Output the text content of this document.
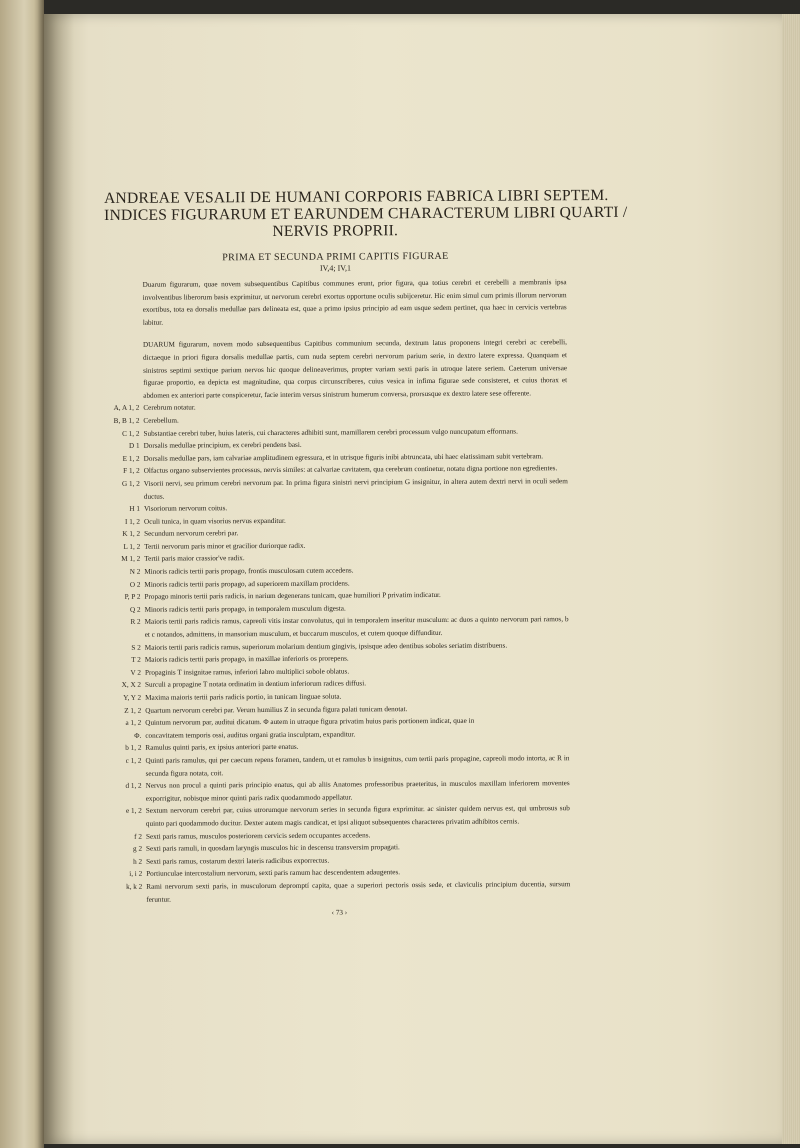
ANDREAE VESALII DE HUMANI CORPORIS FABRICA LIBRI SEPTEM.
INDICES FIGURARUM ET EARUNDEM CHARACTERUM LIBRI QUARTI /
NERVIS PROPRII.

PRIMA ET SECUNDA PRIMI CAPITIS FIGURAE

IV,4; IV,1

Duarum figurarum, quae novem subsequentibus Capitibus communes erunt, prior figura, qua totius cerebri et cerebelli a membranis ipsa involventibus liberorum basis exprimitur, ut nervorum cerebri exortus opportune oculis subijceretur. Hic enim simul cum primis illorum nervorum exortibus, tota ea dorsalis medullae pars delineata est, quae a primo ipsius principio ad eam usque sedem pertinet, qua haec in cervicis vertebras labitur.

DUARUM figurarum, novem modo subsequentibus Capitibus communium secunda, dextrum latus proponens integri cerebri ac cerebelli, dictaeque in priori figura dorsalis medullae partis, cum nuda septem cerebri nervorum parium serie, in dextro latere expressa. Quanquam et sinistros septimi sextique parium nervos hic quoque delineaverimus, propter variam sexti paris in utroque latere seriem. Caeterum universae figurae proportio, ea depicta est magnitudine, qua corpus circunscriberes, cuius vesica in infima figurae sede consisteret, et cuius thorax et abdomen ex anteriori parte conspiceretur, facie interim versus sinistrum humerum conversa, prorsusque ex dextro latere sese offerente.

A, A 1, 2 Cerebrum notatur.

B, B 1, 2 Cerebellum.

C 1, 2 Substantiae cerebri tuber, huius lateris, cui characteres adhibiti sunt, mamillarem cerebri processum vulgo nuncupatum efformans.

D 1 Dorsalis medullae principium, ex cerebri pendens basi.

E 1, 2 Dorsalis medullae pars, iam calvariae amplitudinem egressura, et in utrisque figuris inibi abtruncata, ubi haec elatissimam subit vertebram.

F 1, 2 Olfactus organo subservientes processus, nervis similes: at calvariae cavitatem, qua cerebrum continetur, notatu digna portione non egredientes.

G 1, 2 Visorii nervi, seu primum cerebri nervorum par. In prima figura sinistri nervi principium G insignitur, in altera autem dextri nervi in oculi sedem ductus.

H 1 Visoriorum nervorum coitus.

I 1, 2 Oculi tunica, in quam visorius nervus expanditur.

K 1, 2 Secundum nervorum cerebri par.

L 1, 2 Tertii nervorum paris minor et gracilior duriorque radix.

M 1, 2 Tertii paris maior crassior've radix.

N 2 Minoris radicis tertii paris propago, frontis musculosam cutem accedens.

O 2 Minoris radicis tertii paris propago, ad superiorem maxillam procidens.

P, P 2 Propago minoris tertii paris radicis, in narium degenerans tunicam, quae humiliori P privatim indicatur.

Q 2 Minoris radicis tertii paris propago, in temporalem musculum digesta.

R 2 Maioris tertii paris radicis ramus, capreoli vitis instar convolutus, qui in temporalem inseritur musculum: ac duos a quinto nervorum pari ramos, b et c notandos, admittens, in mansorium musculum, et buccarum musculos, et cutem quoque diffunditur.

S 2 Maioris tertii paris radicis ramus, superiorum molarium dentium gingivis, ipsisque adeo dentibus soboles seriatim distribuens.

T 2 Maioris radicis tertii paris propago, in maxillae inferioris os prorepens.

V 2 Propaginis T insignitae ramus, inferiori labro multiplici sobole oblatus.

X, X 2 Surculi a propagine T notata ordinatim in dentium inferiorum radices diffusi.

Y, Y 2 Maxima maioris tertii paris radicis portio, in tunicam linguae soluta.

Z 1, 2 Quartum nervorum cerebri par. Verum humilius Z in secunda figura palati tunicam denotat.

a 1, 2 Quintum nervorum par, auditui dicatum. Φ autem in utraque figura privatim huius paris portionem indicat, quae in

Φ. concavitatem temporis ossi, auditus organi gratia insculptam, expanditur.

b 1, 2 Ramulus quinti paris, ex ipsius anteriori parte enatus.

c 1, 2 Quinti paris ramulus, qui per caecum repens foramen, tandem, ut et ramulus b insignitus, cum tertii paris propagine, capreoli modo intorta, ac R in secunda figura notata, coit.

d 1, 2 Nervus non procul a quinti paris principio enatus, qui ab aliis Anatomes professoribus praeteritus, in musculos maxillam inferiorem moventes exporrigitur, nobisque minor quinti paris radix quodammodo appellatur.

e 1, 2 Sextum nervorum cerebri par, cuius utrorumque nervorum series in secunda figura exprimitur. ac sinister quidem nervus est, qui umbrosus sub quinto pari quodammodo ducitur. Dexter autem magis candicat, et ipsi aliquot subsequentes characteres privatim adhibitos cernis.

f 2 Sexti paris ramus, musculos posteriorem cervicis sedem occupantes accedens.

g 2 Sexti paris ramuli, in quosdam laryngis musculos hic in descensu transversim propagati.

h 2 Sexti paris ramus, costarum dextri lateris radicibus exporrectus.

i, i 2 Portiunculae intercostalium nervorum, sexti paris ramum hac descendentem adaugentes.

k, k 2 Rami nervorum sexti paris, in musculorum depromptí capita, quae a superiori pectoris ossis sede, et claviculis principium ducentia, sursum feruntur.

‹ 73 ›
